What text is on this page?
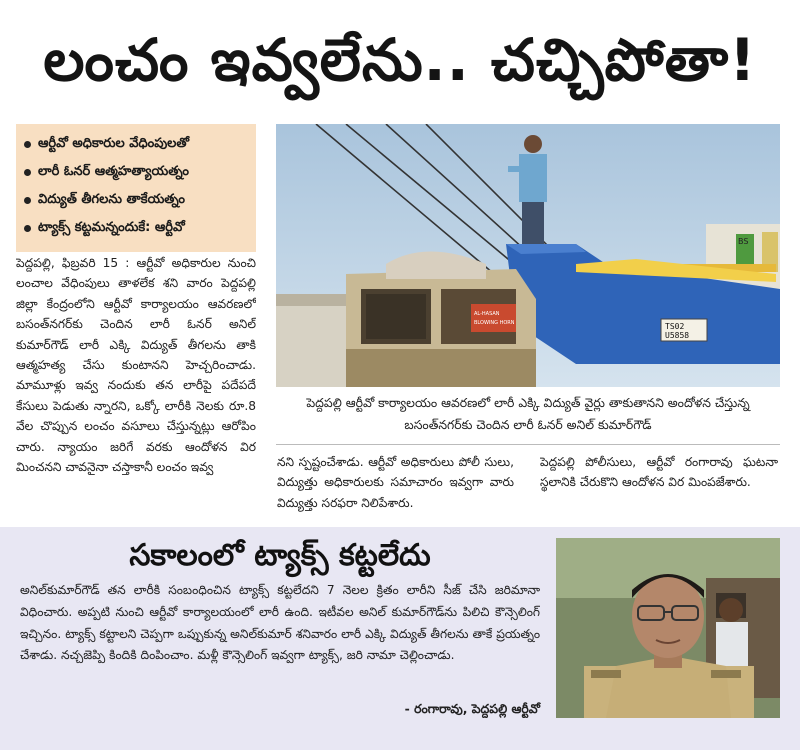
లంచం ఇవ్వలేను.. చచ్చిపోతా!
ఆర్టీవో అధికారుల వేధింపులతో
లారీ ఓనర్ ఆత్మహత్యాయత్నం
విద్యుత్ తీగలను తాకేయత్నం
ట్యాక్స్ కట్టమన్నందుకే: ఆర్టీవో

పెద్దపల్లి, ఫిబ్రవరి 15 : ఆర్టీవో అధికారుల నుంచి లంచాల వేధింపులు తాళలేక శని వారం పెద్దపల్లి జిల్లా కేంద్రంలోని ఆర్టీవో కార్యాలయం ఆవరణలో బసంత్‌నగర్‌కు చెందిన లారీ ఓనర్ అనిల్ కుమార్‌గౌడ్ లారీ ఎక్కి విద్యుత్ తీగలను తాకి ఆత్మహత్య చేసు కుంటానని హెచ్చరించాడు. మామూళ్లు ఇవ్వ నందుకు తన లారీపై పదేపదే కేసులు పెడుతు న్నారని, ఒక్కో లారీకి నెలకు రూ.8 వేల చొప్పున లంచం వసూలు చేస్తున్నట్లు ఆరోపిం చారు. న్యాయం జరిగే వరకు ఆందోళన విర మించనని చావనైనా చస్తాకానీ లంచం ఇవ్వ

BS
TS02
U5858
AL-HASAN
BLOWING HORN
పెద్దపల్లి ఆర్టీవో కార్యాలయం ఆవరణలో లారీ ఎక్కి విద్యుత్ వైర్లు తాకుతానని అందోళన చేస్తున్న బసంత్‌నగర్‌కు చెందిన లారీ ఓనర్ అనిల్ కుమార్‌గౌడ్

నని స్పష్టంచేశాడు. ఆర్టీవో అధికారులు పోలీ సులు, విద్యుత్తు అధికారులకు సమాచారం ఇవ్వగా వారు విద్యుత్తు సరఫరా నిలిపేశారు.

పెద్దపల్లి పోలీసులు, ఆర్టీవో రంగారావు ఘటనా స్థలానికి చేరుకొని ఆందోళన విర మింపజేశారు.

సకాలంలో ట్యాక్స్ కట్టలేదు
అనిల్‌కుమార్‌గౌడ్ తన లారీకి సంబంధించిన ట్యాక్స్ కట్టలేదని 7 నెలల క్రితం లారీని సీజ్ చేసి జరిమానా విధించారు. అప్పటి నుంచి ఆర్టీవో కార్యాలయంలో లారీ ఉంది. ఇటీవల అనిల్ కుమార్‌గౌడ్‌ను పిలిచి కౌన్సెలింగ్ ఇచ్చినం. ట్యాక్స్ కట్టాలని చెప్పగా ఒప్పుకున్న అనిల్‌కుమార్ శనివారం లారీ ఎక్కి విద్యుత్ తీగలను తాకే ప్రయత్నం చేశాడు. నచ్చజెప్పి కిందికి దింపించాం. మళ్లీ కౌన్సెలింగ్ ఇవ్వగా ట్యాక్స్, జరి నామా చెల్లించాడు.
- రంగారావు, పెద్దపల్లి ఆర్టీవో
